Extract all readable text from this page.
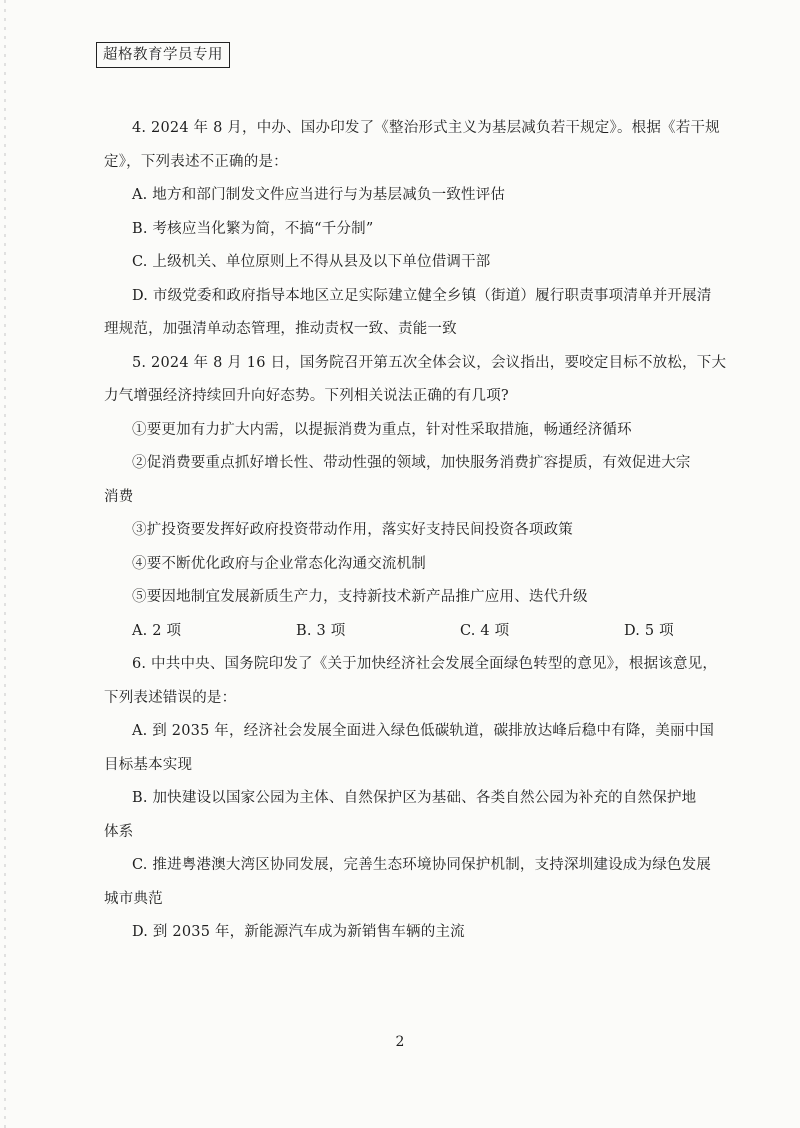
超格教育学员专用
4. 2024 年 8 月，中办、国办印发了《整治形式主义为基层减负若干规定》。根据《若干规
定》，下列表述不正确的是：
A. 地方和部门制发文件应当进行与为基层减负一致性评估
B. 考核应当化繁为简，不搞“千分制”
C. 上级机关、单位原则上不得从县及以下单位借调干部
D. 市级党委和政府指导本地区立足实际建立健全乡镇（街道）履行职责事项清单并开展清
理规范，加强清单动态管理，推动责权一致、责能一致
5. 2024 年 8 月 16 日，国务院召开第五次全体会议，会议指出，要咬定目标不放松，下大
力气增强经济持续回升向好态势。下列相关说法正确的有几项?
①要更加有力扩大内需，以提振消费为重点，针对性采取措施，畅通经济循环
②促消费要重点抓好增长性、带动性强的领域，加快服务消费扩容提质，有效促进大宗
消费
③扩投资要发挥好政府投资带动作用，落实好支持民间投资各项政策
④要不断优化政府与企业常态化沟通交流机制
⑤要因地制宜发展新质生产力，支持新技术新产品推广应用、迭代升级
A. 2 项	B. 3 项	C. 4 项	D. 5 项
6. 中共中央、国务院印发了《关于加快经济社会发展全面绿色转型的意见》，根据该意见，
下列表述错误的是：
A. 到 2035 年，经济社会发展全面进入绿色低碳轨道，碳排放达峰后稳中有降，美丽中国
目标基本实现
B. 加快建设以国家公园为主体、自然保护区为基础、各类自然公园为补充的自然保护地
体系
C. 推进粤港澳大湾区协同发展，完善生态环境协同保护机制，支持深圳建设成为绿色发展
城市典范
D. 到 2035 年，新能源汽车成为新销售车辆的主流
2
